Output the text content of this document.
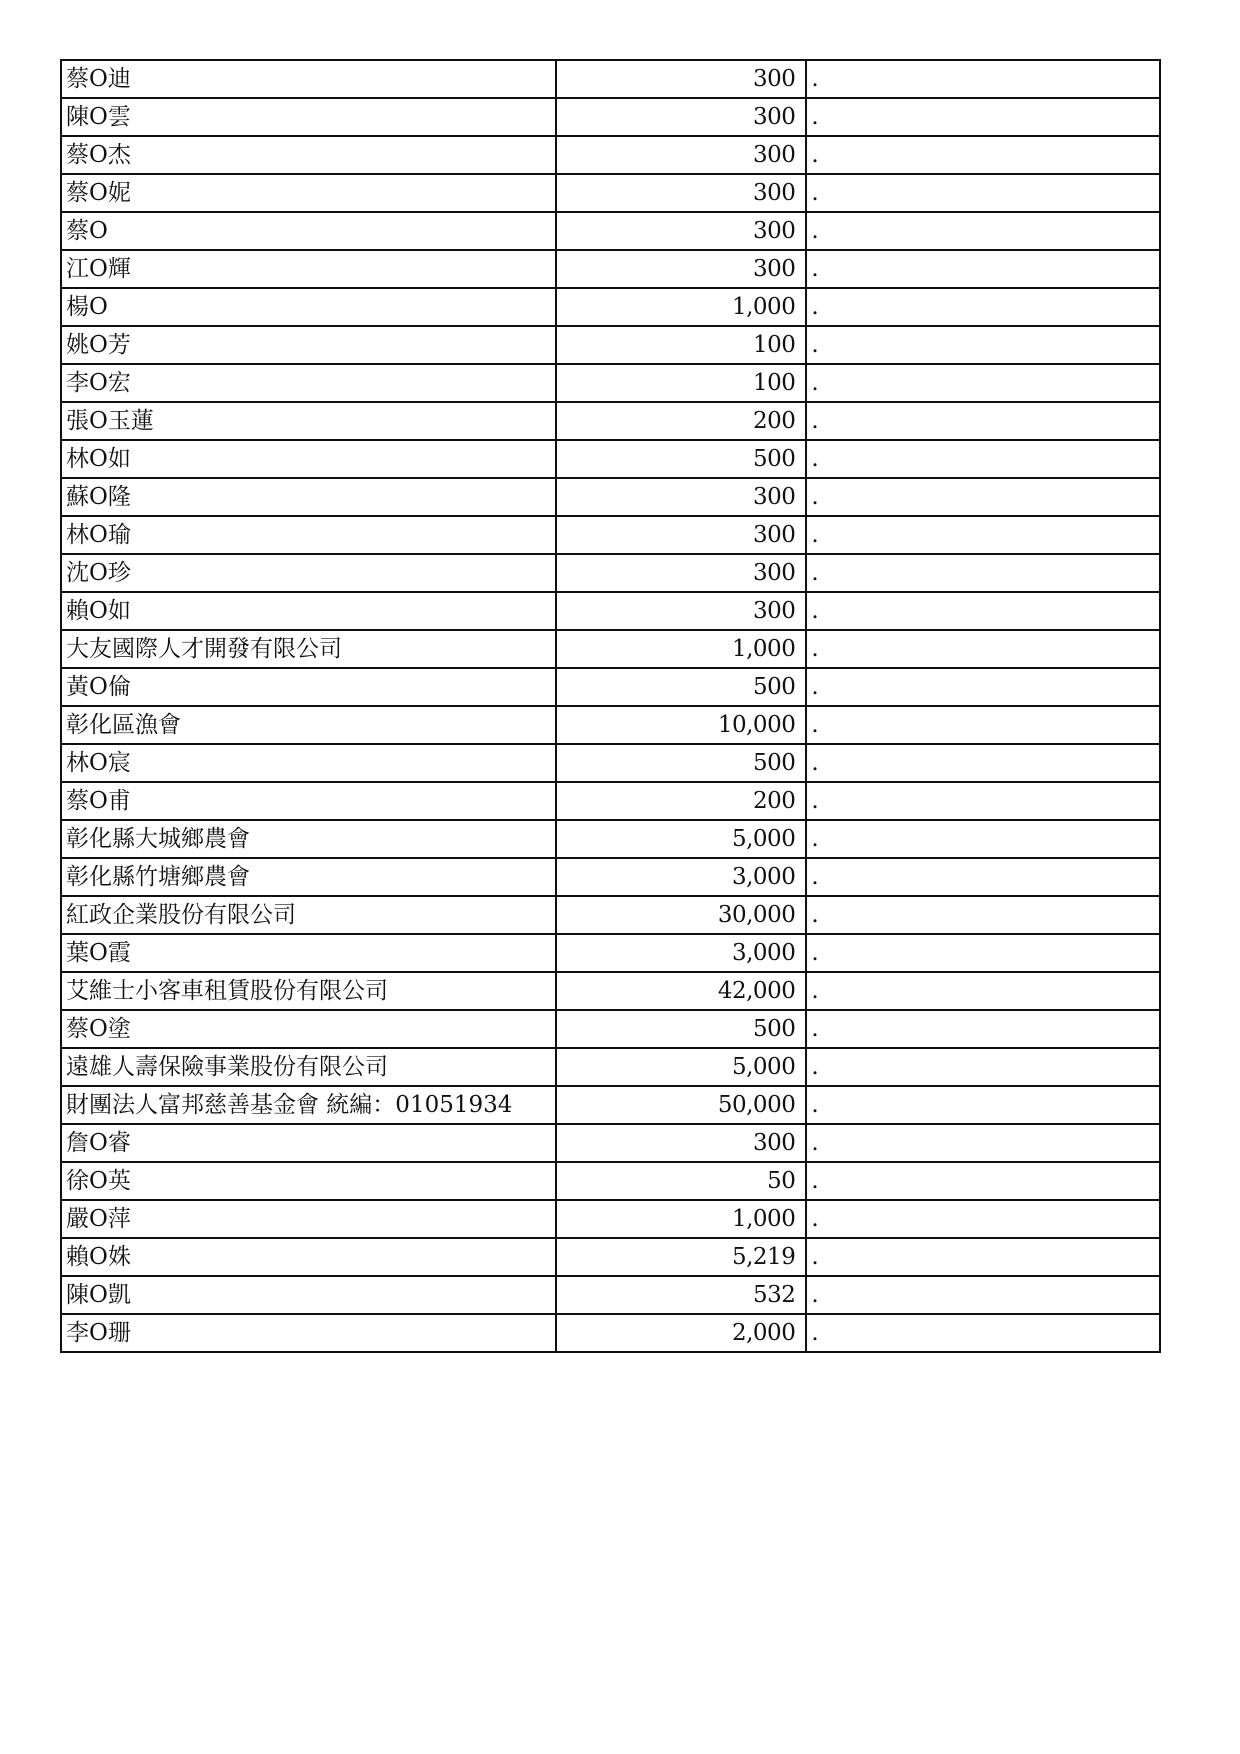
蔡O迪	300	.
陳O雲	300	.
蔡O杰	300	.
蔡O妮	300	.
蔡O	300	.
江O輝	300	.
楊O	1,000	.
姚O芳	100	.
李O宏	100	.
張O玉蓮	200	.
林O如	500	.
蘇O隆	300	.
林O瑜	300	.
沈O珍	300	.
賴O如	300	.
大友國際人才開發有限公司	1,000	.
黃O倫	500	.
彰化區漁會	10,000	.
林O宸	500	.
蔡O甫	200	.
彰化縣大城鄉農會	5,000	.
彰化縣竹塘鄉農會	3,000	.
紅政企業股份有限公司	30,000	.
葉O霞	3,000	.
艾維士小客車租賃股份有限公司	42,000	.
蔡O塗	500	.
遠雄人壽保險事業股份有限公司	5,000	.
財團法人富邦慈善基金會 統編：01051934	50,000	.
詹O睿	300	.
徐O英	50	.
嚴O萍	1,000	.
賴O姝	5,219	.
陳O凱	532	.
李O珊	2,000	.
